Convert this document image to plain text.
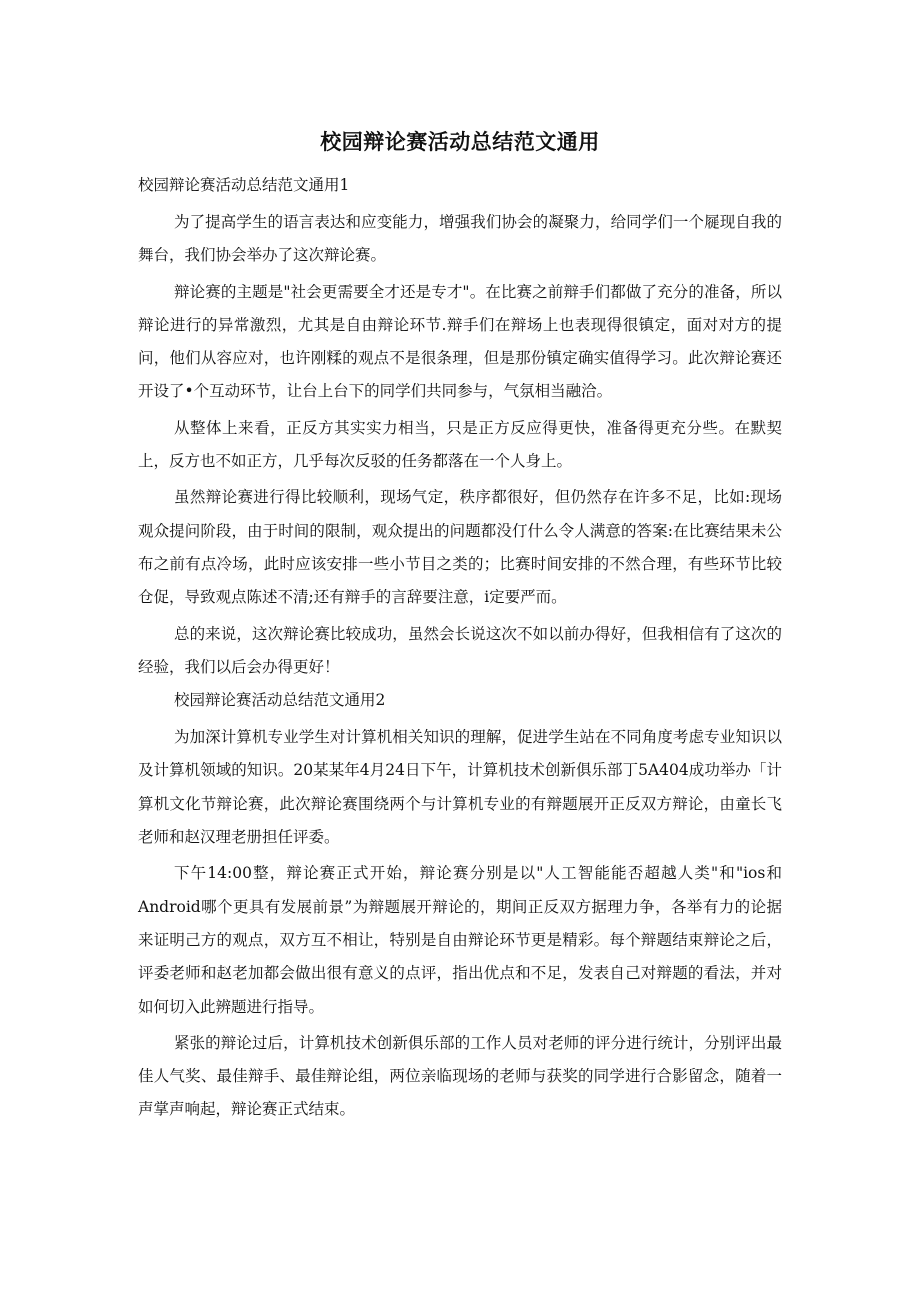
校园辩论赛活动总结范文通用

校园辩论赛活动总结范文通用1

为了提高学生的语言表达和应变能力，增强我们协会的凝聚力，给同学们一个屣现自我的舞台，我们协会举办了这次辩论赛。

辩论赛的主题是"社会更需要全才还是专才"。在比赛之前辩手们都做了充分的准备，所以辩论进行的异常激烈，尤其是自由辩论环节.辩手们在辩场上也表现得很镇定，面对对方的提问，他们从容应对，也许刚糅的观点不是很条理，但是那份镇定确实值得学习。此次辩论赛还开设了•个互动环节，让台上台下的同学们共同参与，气氛相当融洽。

从整体上来看，正反方其实实力相当，只是正方反应得更快，准备得更充分些。在默契上，反方也不如正方，几乎每次反驳的任务都落在一个人身上。

虽然辩论赛进行得比较顺利，现场气定，秩序都很好，但仍然存在许多不足，比如:现场观众提问阶段，由于时间的限制，观众提出的问题都没仃什么令人满意的答案:在比赛结果未公布之前有点冷场，此时应该安排一些小节目之类的；比赛时间安排的不然合理，有些环节比较仓促，导致观点陈述不清;还有辩手的言辞要注意，i定要严而。

总的来说，这次辩论赛比较成功，虽然会长说这次不如以前办得好，但我相信有了这次的经验，我们以后会办得更好！

校园辩论赛活动总结范文通用2

为加深计算机专业学生对计算机相关知识的理解，促进学生站在不同角度考虑专业知识以及计算机领域的知识。20某某年4月24日下午，计算机技术创新俱乐部丁5A404成功举办「计算机文化节辩论赛，此次辩论赛围绕两个与计算机专业的有辩题展开正反双方辩论，由童长飞老师和赵汉理老册担任评委。

下午14:00整，辩论赛正式开始，辩论赛分别是以"人工智能能否超越人类"和"ios和Android哪个更具有发展前景”为辩题展开辩论的，期间正反双方据理力争，各举有力的论据来证明己方的观点，双方互不相让，特别是自由辩论环节更是精彩。每个辩题结束辩论之后，评委老师和赵老加都会做出很有意义的点评，指出优点和不足，发表自己对辩题的看法，并对如何切入此辨题进行指导。

紧张的辩论过后，计算机技术创新俱乐部的工作人员对老师的评分进行统计，分别评出最佳人气奖、最佳辩手、最佳辩论组，两位亲临现场的老师与获奖的同学进行合影留念，随着一声掌声响起，辩论赛正式结束。
